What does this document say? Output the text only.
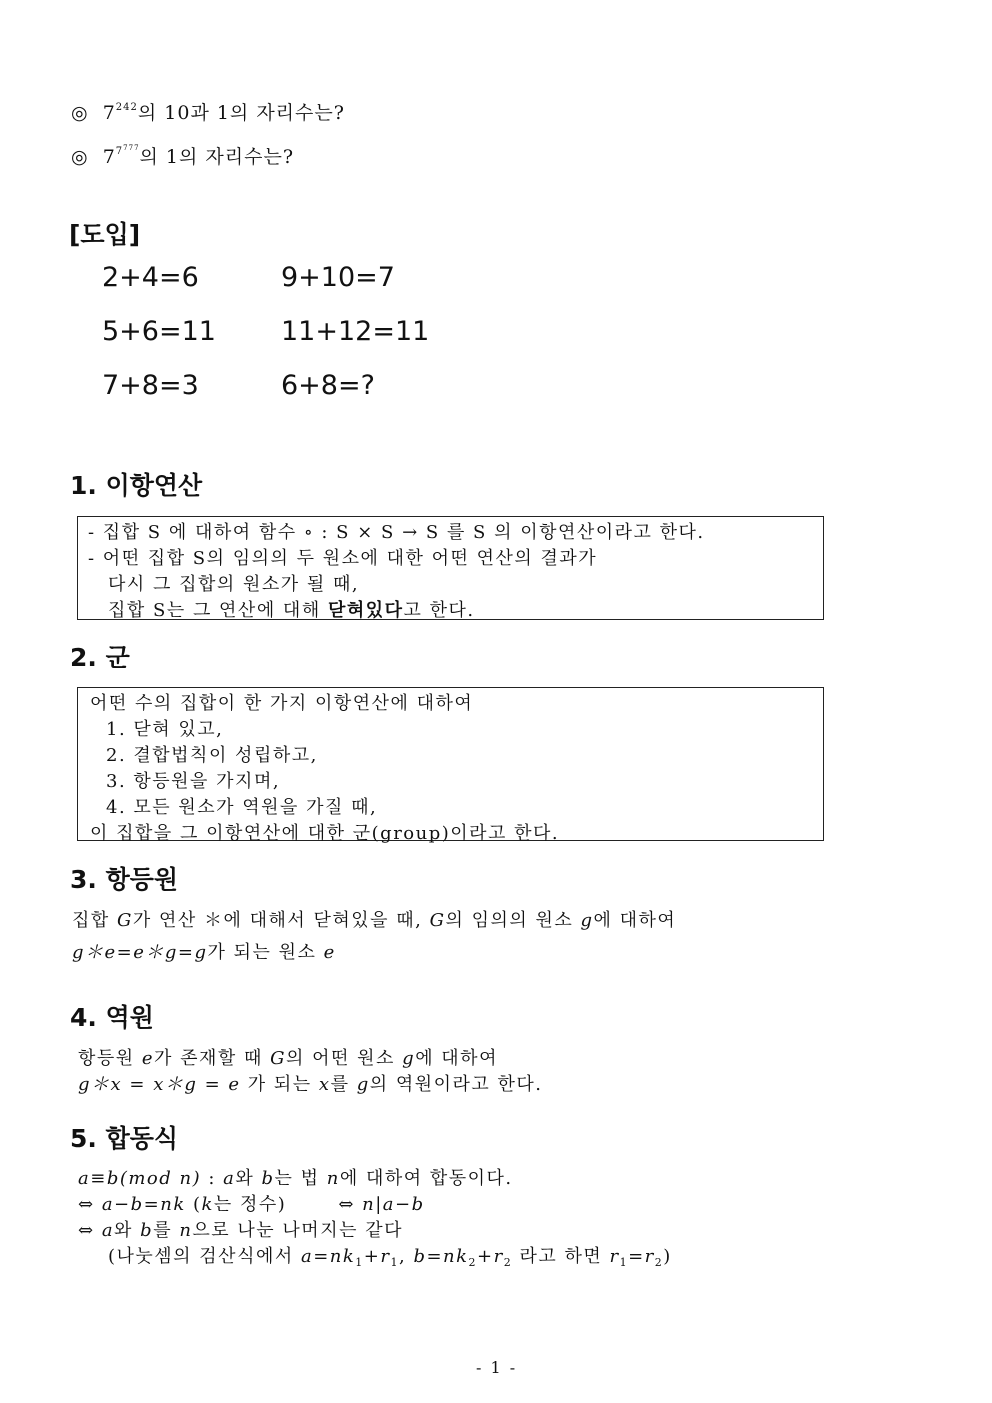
◎ $7^{242}$의 10과 1의 자리수는?
◎ $7^{7777}$의 1의 자리수는?
[도입]
2+4=6
5+6=11
7+8=3
9+10=7
11+12=11
6+8=?
1. 이항연산
- 집합 S 에 대하여 함수 ∘ : S × S → S 를 S 의 이항연산이라고 한다.
- 어떤 집합 S의 임의의 두 원소에 대한 어떤 연산의 결과가
다시 그 집합의 원소가 될 때,
집합 S는 그 연산에 대해 닫혀있다고 한다.
2. 군
어떤 수의 집합이 한 가지 이항연산에 대하여
1. 닫혀 있고,
2. 결합법칙이 성립하고,
3. 항등원을 가지며,
4. 모든 원소가 역원을 가질 때,
이 집합을 그 이항연산에 대한 군(group)이라고 한다.
3. 항등원
집합 G가 연산 ＊에 대해서 닫혀있을 때, G의 임의의 원소 g에 대하여
g＊e=e＊g=g가 되는 원소 e
4. 역원
항등원 e가 존재할 때 G의 어떤 원소 g에 대하여
g＊x = x＊g = e 가 되는 x를 g의 역원이라고 한다.
5. 합동식
a≡b(mod n) : a와 b는 법 n에 대하여 합동이다.
⇔ a−b=nk (k는 정수)	⇔ n|a−b
⇔ a와 b를 n으로 나눈 나머지는 같다
(나눗셈의 검산식에서 $a=nk_1+r_1$, $b=nk_2+r_2$ 라고 하면 $r_1=r_2$)
- 1 -
